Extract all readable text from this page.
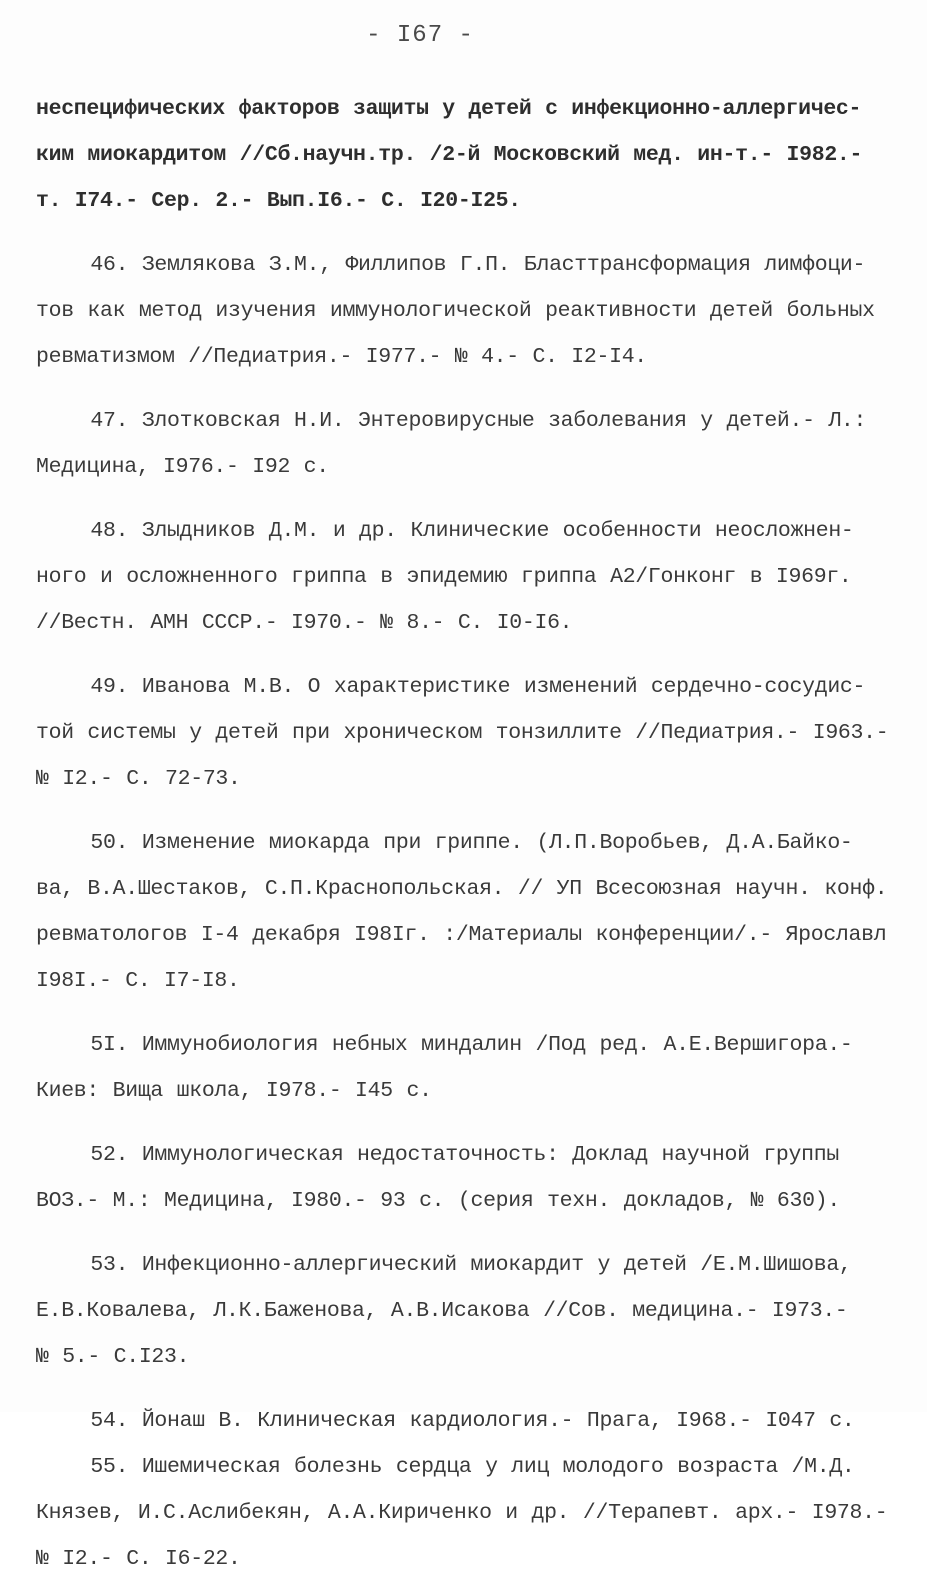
- I67 -
неспецифических факторов защиты у детей с инфекционно-аллергичес-
ким миокардитом //Сб.научн.тр. /2-й Московский мед. ин-т.- I982.-
т. I74.- Сер. 2.- Вып.I6.- С. I20-I25.
46. Землякова З.М., Филлипов Г.П. Бласттрансформация лимфоци-
тов как метод изучения иммунологической реактивности детей больных
ревматизмом //Педиатрия.- I977.- № 4.- С. I2-I4.
47. Злотковская Н.И. Энтеровирусные заболевания у детей.- Л.:
Медицина, I976.- I92 с.
48. Злыдников Д.М. и др. Клинические особенности неосложнен-
ного и осложненного гриппа в эпидемию гриппа А2/Гонконг в I969г.
//Вестн. АМН СССР.- I970.- № 8.- С. I0-I6.
49. Иванова М.В. О характеристике изменений сердечно-сосудис-
той системы у детей при хроническом тонзиллите //Педиатрия.- I963.-
№ I2.- С. 72-73.
50. Изменение миокарда при гриппе. (Л.П.Воробьев, Д.А.Байко-
ва, В.А.Шестаков, С.П.Краснопольская. // УП Всесоюзная научн. конф.
ревматологов I-4 декабря I98Iг. :/Материалы конференции/.- Ярославл
I98I.- С. I7-I8.
5I. Иммунобиология небных миндалин /Под ред. А.Е.Вершигора.-
Киев: Вища школа, I978.- I45 с.
52. Иммунологическая недостаточность: Доклад научной группы
ВОЗ.- М.: Медицина, I980.- 93 с. (серия техн. докладов, № 630).
53. Инфекционно-аллергический миокардит у детей /Е.М.Шишова,
Е.В.Ковалева, Л.К.Баженова, А.В.Исакова //Сов. медицина.- I973.-
№ 5.- С.I23.
54. Йонаш В. Клиническая кардиология.- Прага, I968.- I047 с.
55. Ишемическая болезнь сердца у лиц молодого возраста /М.Д.
Князев, И.С.Аслибекян, А.А.Кириченко и др. //Терапевт. арх.- I978.-
№ I2.- С. I6-22.
